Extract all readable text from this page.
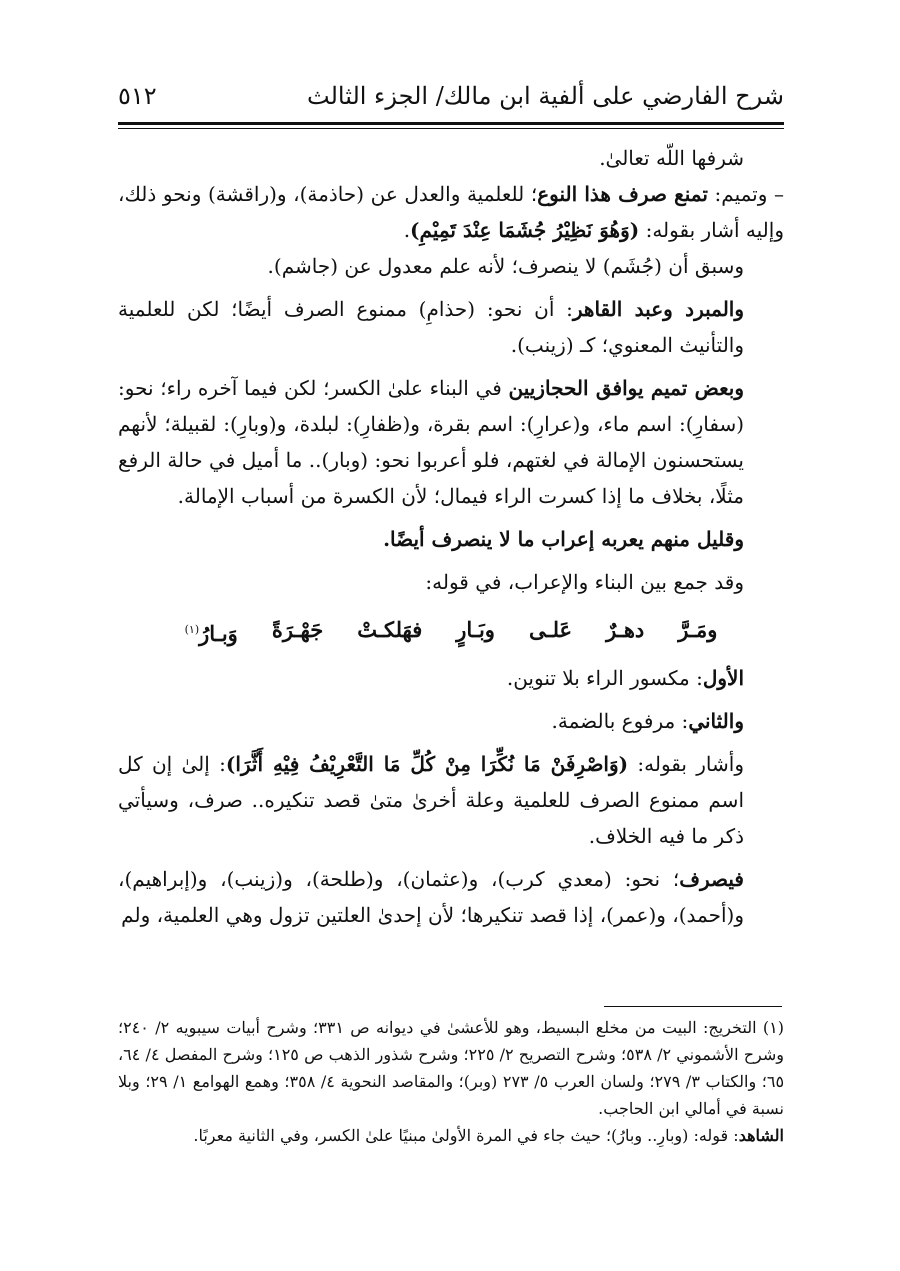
شرح الفارضي على ألفية ابن مالك/ الجزء الثالث
٥١٢

شرفها اللّه تعالىٰ.

– وتميم: تمنع صرف هذا النوع؛ للعلمية والعدل عن (حاذمة)، و(راقشة) ونحو ذلك، وإليه أشار بقوله: (وَهُوَ نَظِيْرُ جُشَمَا عِنْدَ تَمِيْمِ).

وسبق أن (جُشَم) لا ينصرف؛ لأنه علم معدول عن (جاشم).

والمبرد وعبد القاهر: أن نحو: (حذامِ) ممنوع الصرف أيضًا؛ لكن للعلمية والتأنيث المعنوي؛ كـ (زينب).

وبعض تميم يوافق الحجازيين في البناء علىٰ الكسر؛ لكن فيما آخره راء؛ نحو: (سفارِ): اسم ماء، و(عرارِ): اسم بقرة، و(ظفارِ): لبلدة، و(وبارِ): لقبيلة؛ لأنهم يستحسنون الإمالة في لغتهم، فلو أعربوا نحو: (وبار).. ما أميل في حالة الرفع مثلًا، بخلاف ما إذا كسرت الراء فيمال؛ لأن الكسرة من أسباب الإمالة.

وقليل منهم يعربه إعراب ما لا ينصرف أيضًا.

وقد جمع بين البناء والإعراب، في قوله:

ومَـرَّ
دهـرٌ
عَلـى
وبَـارٍ
فهَلكـتْ
جَهْـرَةً
وَبـارُ$^{(١)}$

الأول: مكسور الراء بلا تنوين.

والثاني: مرفوع بالضمة.

وأشار بقوله: (وَاصْرِفَنْ مَا نُكِّرَا مِنْ كُلِّ مَا التَّعْرِيْفُ فِيْهِ أَثَّرَا): إلىٰ إن كل اسم ممنوع الصرف للعلمية وعلة أخرىٰ متىٰ قصد تنكيره.. صرف، وسيأتي ذكر ما فيه الخلاف.

فيصرف؛ نحو: (معدي كرب)، و(عثمان)، و(طلحة)، و(زينب)، و(إبراهيم)، و(أحمد)، و(عمر)، إذا قصد تنكيرها؛ لأن إحدىٰ العلتين تزول وهي العلمية، ولم

(١) التخريج: البيت من مخلع البسيط، وهو للأعشىٰ في ديوانه ص ٣٣١؛ وشرح أبيات سيبويه ٢/ ٢٤٠؛ وشرح الأشموني ٢/ ٥٣٨؛ وشرح التصريح ٢/ ٢٢٥؛ وشرح شذور الذهب ص ١٢٥؛ وشرح المفصل ٤/ ٦٤، ٦٥؛ والكتاب ٣/ ٢٧٩؛ ولسان العرب ٥/ ٢٧٣ (وبر)؛ والمقاصد النحوية ٤/ ٣٥٨؛ وهمع الهوامع ١/ ٢٩؛ وبلا نسبة في أمالي ابن الحاجب.

الشاهد: قوله: (وبارِ.. وبارُ)؛ حيث جاء في المرة الأولىٰ مبنيًا علىٰ الكسر، وفي الثانية معربًا.
